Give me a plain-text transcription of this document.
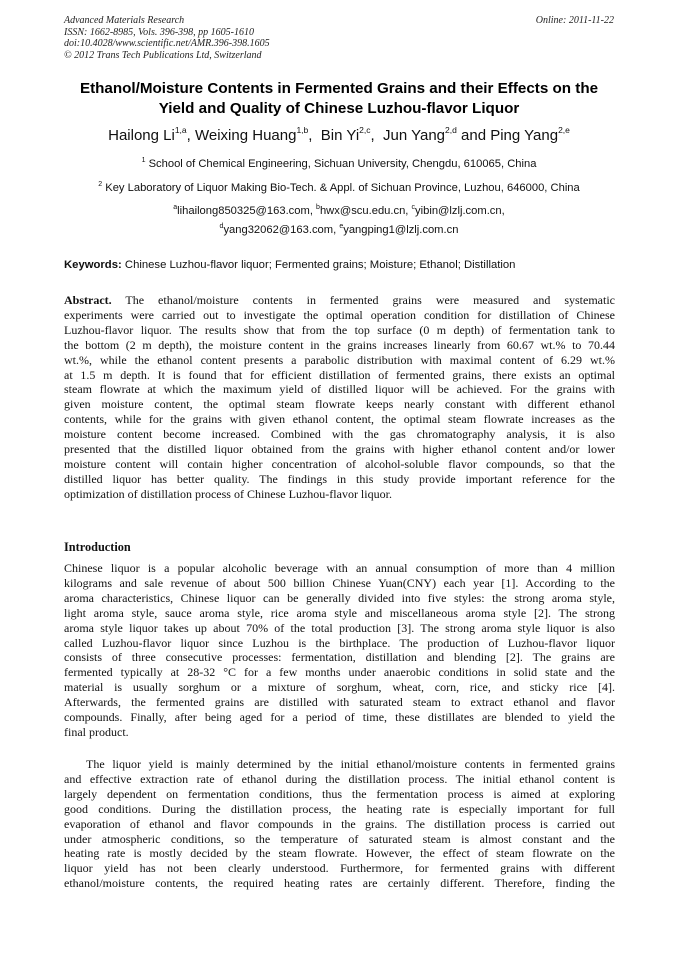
Advanced Materials Research
ISSN: 1662-8985, Vols. 396-398, pp 1605-1610
doi:10.4028/www.scientific.net/AMR.396-398.1605
© 2012 Trans Tech Publications Ltd, Switzerland
Online: 2011-11-22
Ethanol/Moisture Contents in Fermented Grains and their Effects on the
Yield and Quality of Chinese Luzhou-flavor Liquor
Hailong Li$^{1,a}$, Weixing Huang$^{1,b}$,  Bin Yi$^{2,c}$,  Jun Yang$^{2,d}$ and Ping Yang$^{2,e}$
$^1$ School of Chemical Engineering, Sichuan University, Chengdu, 610065, China
$^2$ Key Laboratory of Liquor Making Bio-Tech. & Appl. of Sichuan Province, Luzhou, 646000, China
$^a$lihailong850325@163.com, $^b$hwx@scu.edu.cn, $^c$yibin@lzlj.com.cn,
$^d$yang32062@163.com, $^e$yangping1@lzlj.com.cn
Keywords: Chinese Luzhou-flavor liquor; Fermented grains; Moisture; Ethanol; Distillation
Abstract. The ethanol/moisture contents in fermented grains were measured and systematic
experiments were carried out to investigate the optimal operation condition for distillation of Chinese
Luzhou-flavor liquor. The results show that from the top surface (0 m depth) of fermentation tank to
the bottom (2 m depth), the moisture content in the grains increases linearly from 60.67 wt.% to 70.44
wt.%, while the ethanol content presents a parabolic distribution with maximal content of 6.29 wt.%
at 1.5 m depth. It is found that for efficient distillation of fermented grains, there exists an optimal
steam flowrate at which the maximum yield of distilled liquor will be achieved. For the grains with
given moisture content, the optimal steam flowrate keeps nearly constant with different ethanol
contents, while for the grains with given ethanol content, the optimal steam flowrate increases as the
moisture content become increased. Combined with the gas chromatography analysis, it is also
presented that the distilled liquor obtained from the grains with higher ethanol content and/or lower
moisture content will contain higher concentration of alcohol-soluble flavor compounds, so that the
distilled liquor has better quality. The findings in this study provide important reference for the
optimization of distillation process of Chinese Luzhou-flavor liquor.
Introduction
Chinese liquor is a popular alcoholic beverage with an annual consumption of more than 4 million
kilograms and sale revenue of about 500 billion Chinese Yuan(CNY) each year [1]. According to the
aroma characteristics, Chinese liquor can be generally divided into five styles: the strong aroma style,
light aroma style, sauce aroma style, rice aroma style and miscellaneous aroma style [2]. The strong
aroma style liquor takes up about 70% of the total production [3]. The strong aroma style liquor is also
called Luzhou-flavor liquor since Luzhou is the birthplace. The production of Luzhou-flavor liquor
consists of three consecutive processes: fermentation, distillation and blending [2]. The grains are
fermented typically at 28-32 °C for a few months under anaerobic conditions in solid state and the
material is usually sorghum or a mixture of sorghum, wheat, corn, rice, and sticky rice [4].
Afterwards, the fermented grains are distilled with saturated steam to extract ethanol and flavor
compounds. Finally, after being aged for a period of time, these distillates are blended to yield the
final product.
The liquor yield is mainly determined by the initial ethanol/moisture contents in fermented grains
and effective extraction rate of ethanol during the distillation process. The initial ethanol content is
largely dependent on fermentation conditions, thus the fermentation process is aimed at exploring
good conditions. During the distillation process, the heating rate is especially important for full
evaporation of ethanol and flavor compounds in the grains. The distillation process is carried out
under atmospheric conditions, so the temperature of saturated steam is almost constant and the
heating rate is mostly decided by the steam flowrate. However, the effect of steam flowrate on the
liquor yield has not been clearly understood. Furthermore, for fermented grains with different
ethanol/moisture contents, the required heating rates are certainly different. Therefore, finding the
